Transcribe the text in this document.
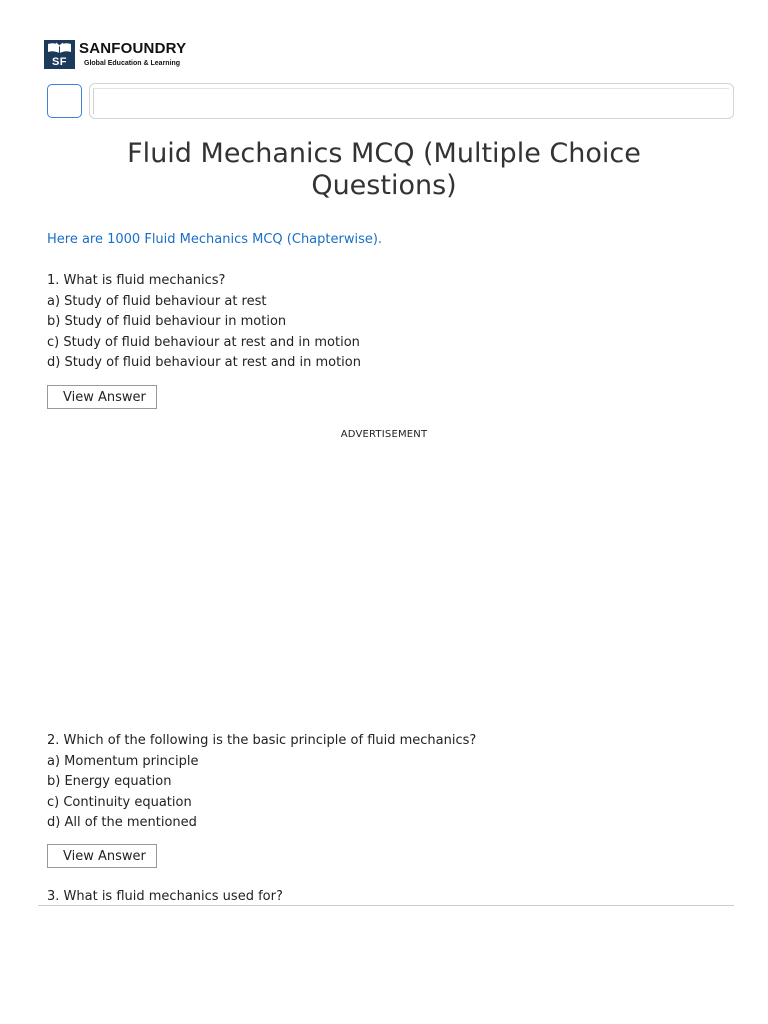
SF
SANFOUNDRY
Global Education & Learning
Fluid Mechanics MCQ (Multiple Choice Questions)
Here are 1000 Fluid Mechanics MCQ (Chapterwise).

1. What is fluid mechanics?

a) Study of fluid behaviour at rest

b) Study of fluid behaviour in motion

c) Study of fluid behaviour at rest and in motion

d) Study of fluid behaviour at rest and in motion

View Answer
ADVERTISEMENT

2. Which of the following is the basic principle of fluid mechanics?

a) Momentum principle

b) Energy equation

c) Continuity equation

d) All of the mentioned

View Answer

3. What is fluid mechanics used for?
